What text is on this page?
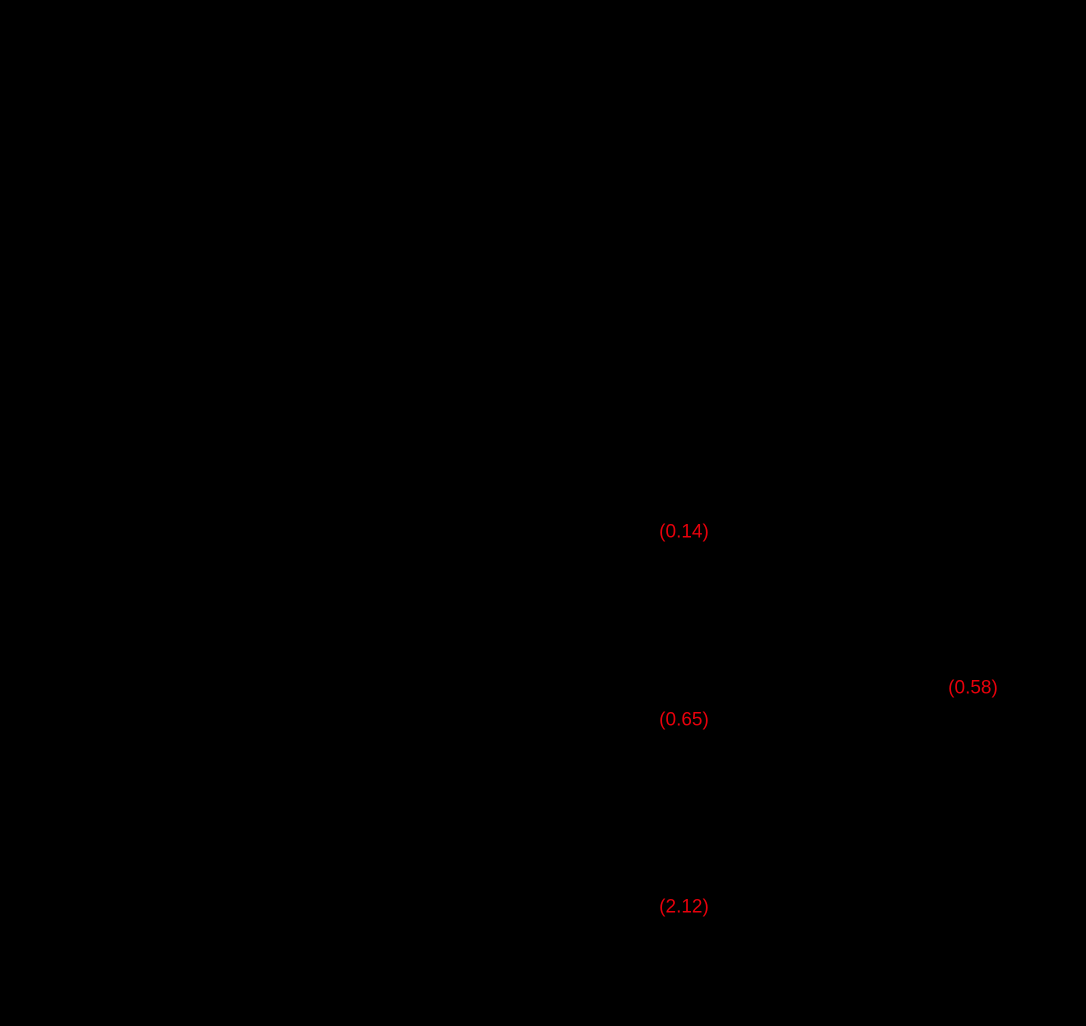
(0.14)
(0.58)
(0.65)
(2.12)
